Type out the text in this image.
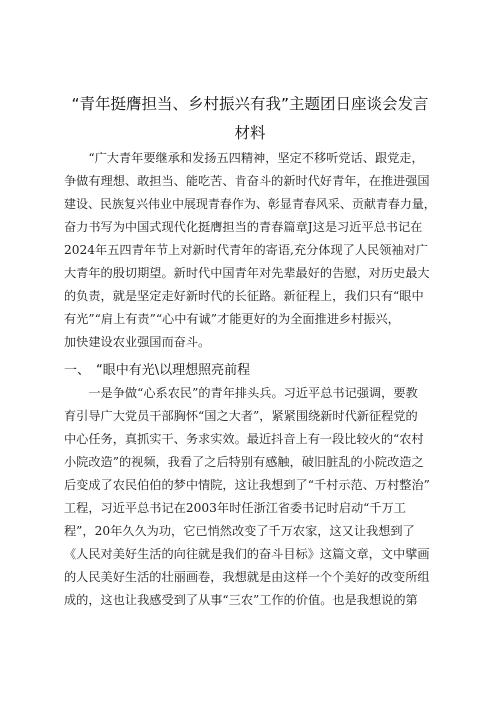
“青年挺膺担当、乡村振兴有我”主题团日座谈会发言
材料
　　“广大青年要继承和发扬五四精神，坚定不移听党话、跟党走，
争做有理想、敢担当、能吃苦、肯奋斗的新时代好青年，在推进强国
建设、民族复兴伟业中展现青春作为、彰显青春风采、贡献青春力量，
奋力书写为中国式现代化挺膺担当的青春篇章J这是习近平总书记在
2024年五四青年节上对新时代青年的寄语,充分体现了人民领袖对广
大青年的殷切期望。新时代中国青年对先辈最好的告慰，对历史最大
的负责，就是坚定走好新时代的长征路。新征程上，我们只有“眼中
有光”“肩上有责”“心中有诚”才能更好的为全面推进乡村振兴，
加快建设农业强国而奋斗。
一、 “眼中有光\以理想照亮前程
　　一是争做“心系农民”的青年排头兵。习近平总书记强调，要教
育引导广大党员干部胸怀“国之大者”，紧紧围绕新时代新征程党的
中心任务，真抓实干、务求实效。最近抖音上有一段比较火的“农村
小院改造”的视频，我看了之后特别有感触，破旧脏乱的小院改造之
后变成了农民伯伯的梦中情院，这让我想到了“千村示范、万村整治”
工程，习近平总书记在2003年时任浙江省委书记时启动“千万工
程”，20年久久为功，它已悄然改变了千万农家，这又让我想到了
《人民对美好生活的向往就是我们的奋斗目标》这篇文章，文中擘画
的人民美好生活的壮丽画卷，我想就是由这样一个个美好的改变所组
成的，这也让我感受到了从事“三农”工作的价值。也是我想说的第
